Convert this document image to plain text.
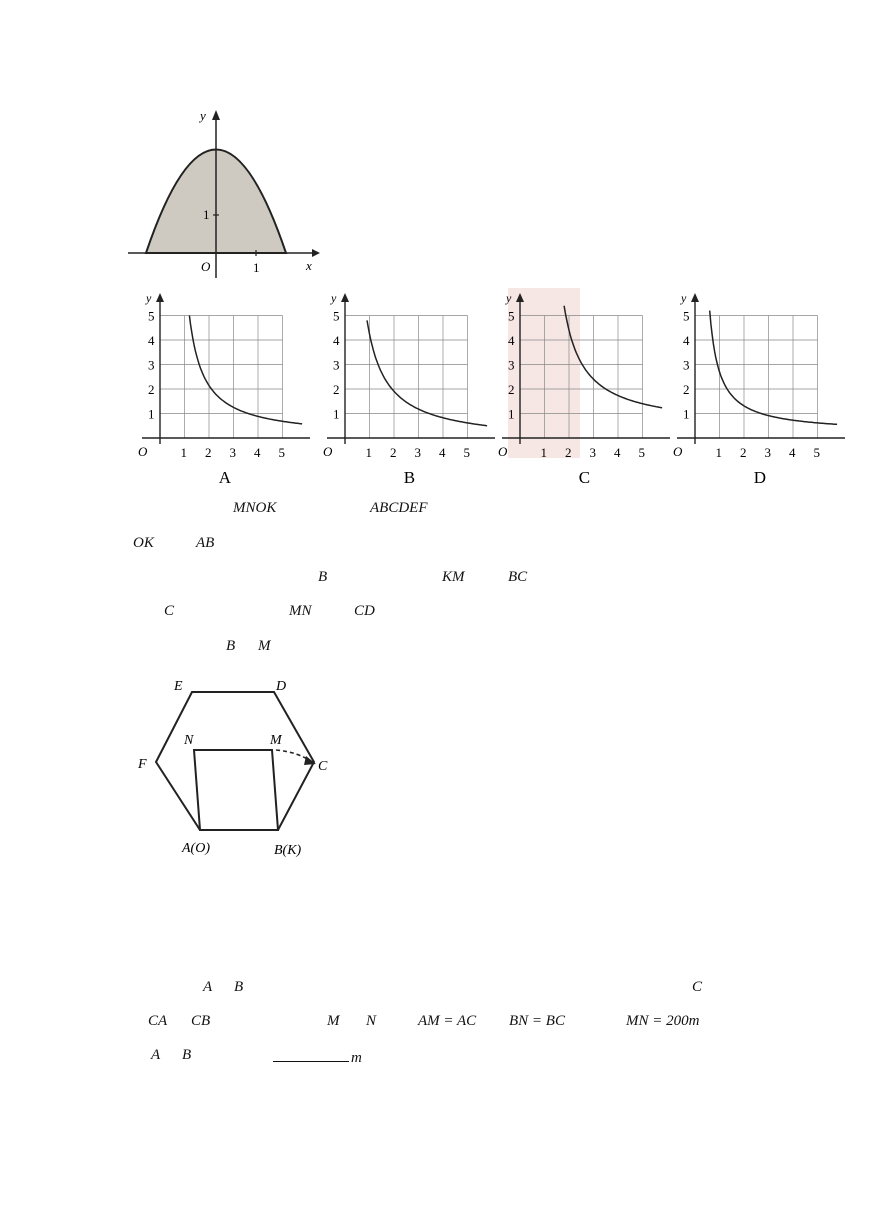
y
x
O	1
1
y
O
5
4
3
2
1
1 2 3 4 5
A
y
O
5
4
3
2
1
1 2 3 4 5
B
y
O
5
4
3
2
1
1 2 3 4 5
C
y
O
5
4
3
2
1
1 2 3 4 5
D
MNOK	ABCDEF
OK	AB
B	KM	BC
C	MN	CD
B M
E	D
F	C
N	M
A(O)	B(K)
A B	C
CA CB	M N	AM = AC BN = BC	MN = 200m
A B	m
